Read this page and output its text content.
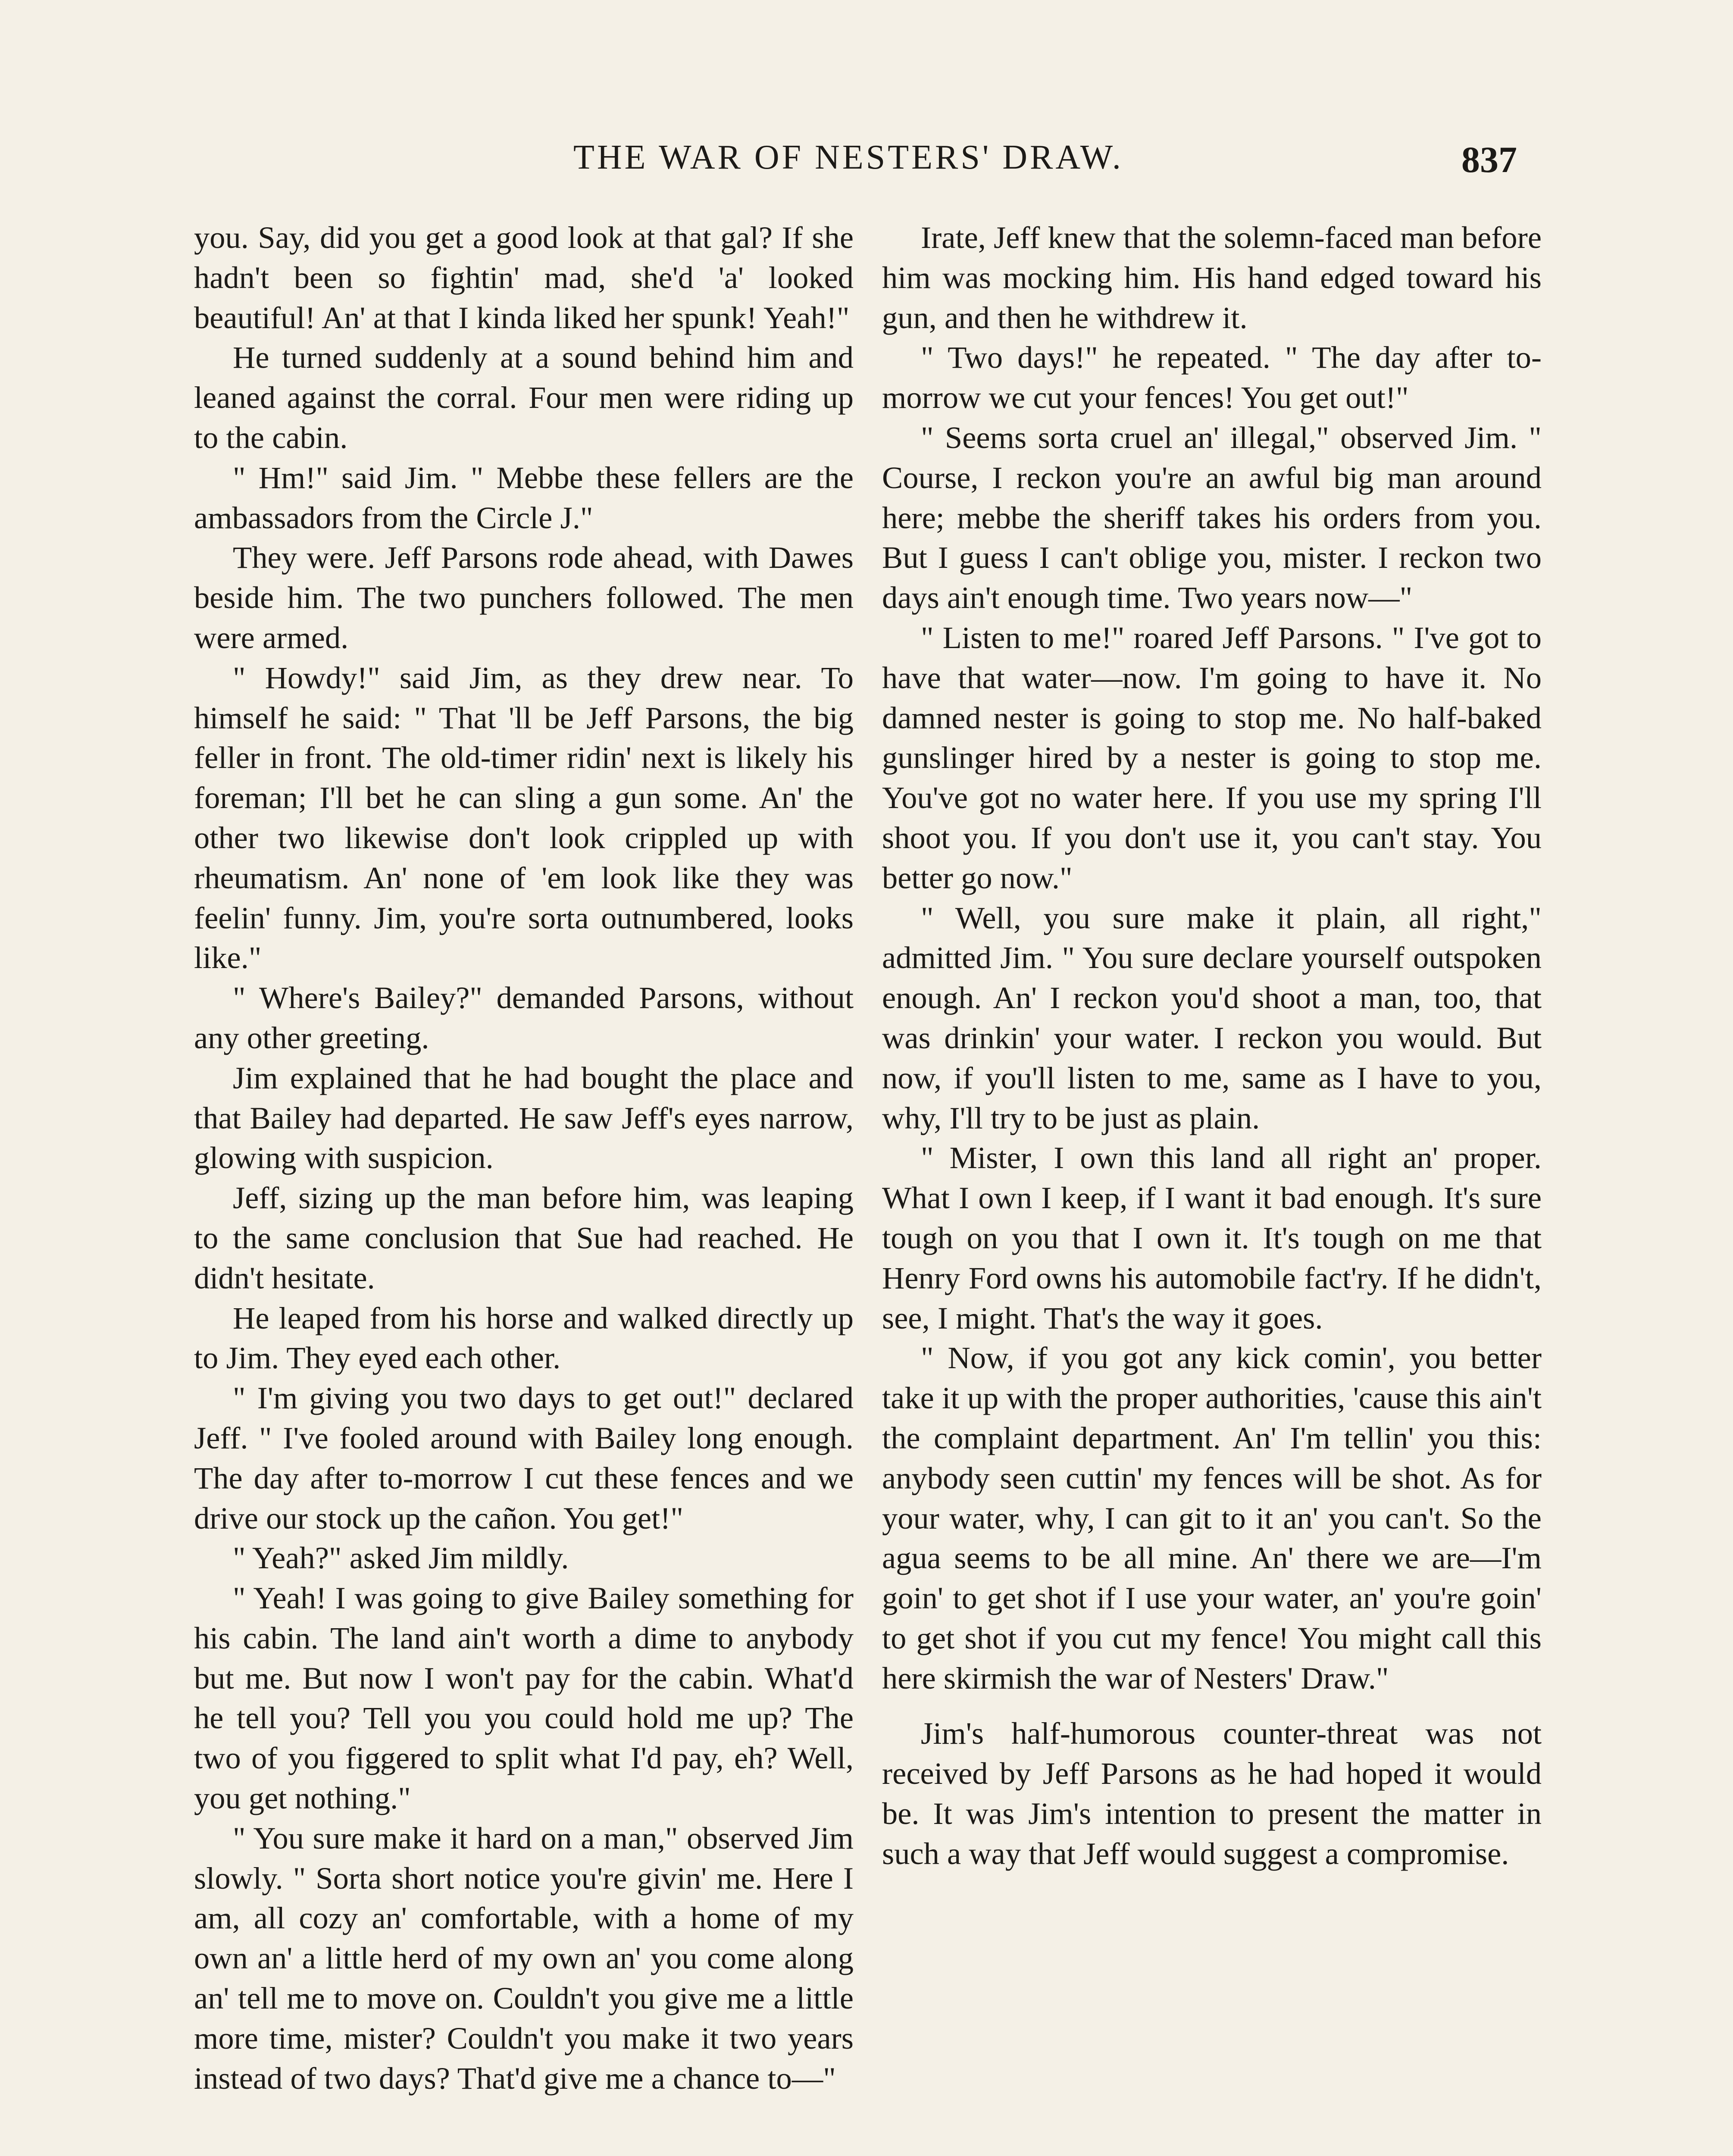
THE WAR OF NESTERS' DRAW.	837

you. Say, did you get a good look at that gal? If she hadn't been so fightin' mad, she'd 'a' looked beautiful! An' at that I kinda liked her spunk! Yeah!"

He turned suddenly at a sound behind him and leaned against the corral. Four men were riding up to the cabin.

" Hm!" said Jim. " Mebbe these fellers are the ambassadors from the Circle J."

They were. Jeff Parsons rode ahead, with Dawes beside him. The two punchers followed. The men were armed.

" Howdy!" said Jim, as they drew near. To himself he said: " That 'll be Jeff Parsons, the big feller in front. The old-timer ridin' next is likely his foreman; I'll bet he can sling a gun some. An' the other two likewise don't look crippled up with rheumatism. An' none of 'em look like they was feelin' funny. Jim, you're sorta outnumbered, looks like."

" Where's Bailey?" demanded Parsons, without any other greeting.

Jim explained that he had bought the place and that Bailey had departed. He saw Jeff's eyes narrow, glowing with suspicion.

Jeff, sizing up the man before him, was leaping to the same conclusion that Sue had reached. He didn't hesitate.

He leaped from his horse and walked directly up to Jim. They eyed each other.

" I'm giving you two days to get out!" declared Jeff. " I've fooled around with Bailey long enough. The day after to-morrow I cut these fences and we drive our stock up the cañon. You get!"

" Yeah?" asked Jim mildly.

" Yeah! I was going to give Bailey something for his cabin. The land ain't worth a dime to anybody but me. But now I won't pay for the cabin. What'd he tell you? Tell you you could hold me up? The two of you figgered to split what I'd pay, eh? Well, you get nothing."

" You sure make it hard on a man," observed Jim slowly. " Sorta short notice you're givin' me. Here I am, all cozy an' comfortable, with a home of my own an' a little herd of my own an' you come along an' tell me to move on. Couldn't you give me a little more time, mister? Couldn't you make it two years instead of two days? That'd give me a chance to—"

Irate, Jeff knew that the solemn-faced man before him was mocking him. His hand edged toward his gun, and then he withdrew it.

" Two days!" he repeated. " The day after to-morrow we cut your fences! You get out!"

" Seems sorta cruel an' illegal," observed Jim. " Course, I reckon you're an awful big man around here; mebbe the sheriff takes his orders from you. But I guess I can't oblige you, mister. I reckon two days ain't enough time. Two years now—"

" Listen to me!" roared Jeff Parsons. " I've got to have that water—now. I'm going to have it. No damned nester is going to stop me. No half-baked gunslinger hired by a nester is going to stop me. You've got no water here. If you use my spring I'll shoot you. If you don't use it, you can't stay. You better go now."

" Well, you sure make it plain, all right," admitted Jim. " You sure declare yourself outspoken enough. An' I reckon you'd shoot a man, too, that was drinkin' your water. I reckon you would. But now, if you'll listen to me, same as I have to you, why, I'll try to be just as plain.

" Mister, I own this land all right an' proper. What I own I keep, if I want it bad enough. It's sure tough on you that I own it. It's tough on me that Henry Ford owns his automobile fact'ry. If he didn't, see, I might. That's the way it goes.

" Now, if you got any kick comin', you better take it up with the proper authorities, 'cause this ain't the complaint department. An' I'm tellin' you this: anybody seen cuttin' my fences will be shot. As for your water, why, I can git to it an' you can't. So the agua seems to be all mine. An' there we are—I'm goin' to get shot if I use your water, an' you're goin' to get shot if you cut my fence! You might call this here skirmish the war of Nesters' Draw."

Jim's half-humorous counter-threat was not received by Jeff Parsons as he had hoped it would be. It was Jim's intention to present the matter in such a way that Jeff would suggest a compromise.
